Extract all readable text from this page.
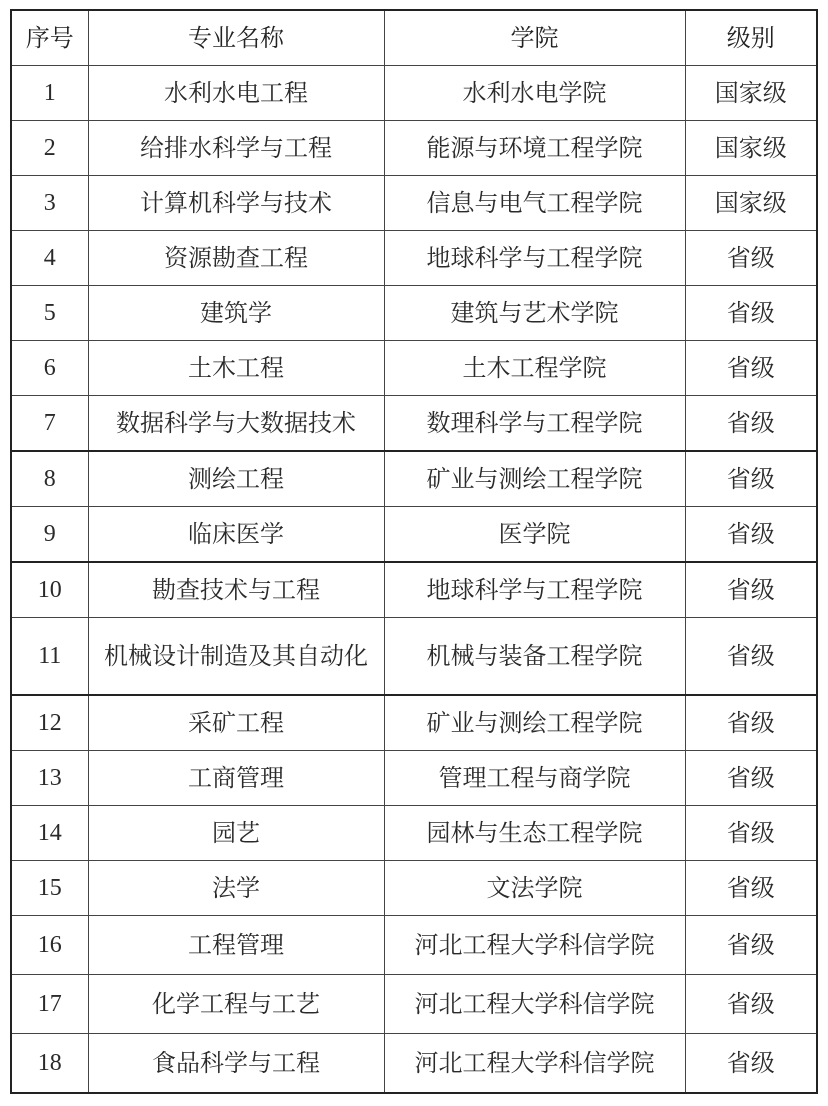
序号	专业名称	学院	级别
1	水利水电工程	水利水电学院	国家级
2	给排水科学与工程	能源与环境工程学院	国家级
3	计算机科学与技术	信息与电气工程学院	国家级
4	资源勘查工程	地球科学与工程学院	省级
5	建筑学	建筑与艺术学院	省级
6	土木工程	土木工程学院	省级
7	数据科学与大数据技术	数理科学与工程学院	省级
8	测绘工程	矿业与测绘工程学院	省级
9	临床医学	医学院	省级
10	勘查技术与工程	地球科学与工程学院	省级
11	机械设计制造及其自动化	机械与装备工程学院	省级
12	采矿工程	矿业与测绘工程学院	省级
13	工商管理	管理工程与商学院	省级
14	园艺	园林与生态工程学院	省级
15	法学	文法学院	省级
16	工程管理	河北工程大学科信学院	省级
17	化学工程与工艺	河北工程大学科信学院	省级
18	食品科学与工程	河北工程大学科信学院	省级
